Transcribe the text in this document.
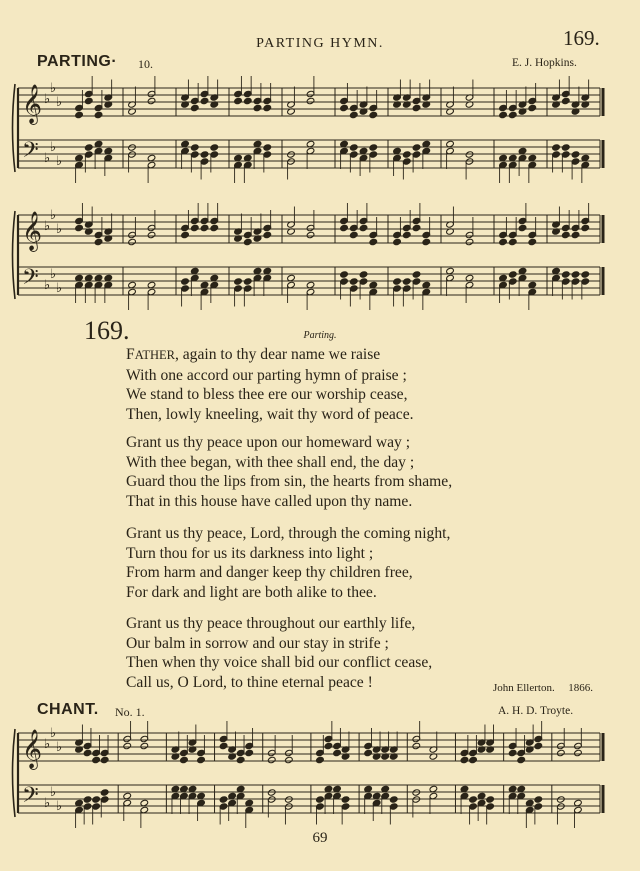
PARTING HYMN.	169.
PARTING· 10.	E. J. Hopkins.
𝄞
𝄢
♭
♭
♭
♭
♭
♭
𝄞
𝄢
♭
♭
♭
♭
♭
♭
169.	Parting.
FATHER, again to thy dear name we raise
With one accord our parting hymn of praise ;
We stand to bless thee ere our worship cease,
Then, lowly kneeling, wait thy word of peace.
Grant us thy peace upon our homeward way ;
With thee began, with thee shall end, the day ;
Guard thou the lips from sin, the hearts from shame,
That in this house have called upon thy name.
Grant us thy peace, Lord, through the coming night,
Turn thou for us its darkness into light ;
From harm and danger keep thy children free,
For dark and light are both alike to thee.
Grant us thy peace throughout our earthly life,
Our balm in sorrow and our stay in strife ;
Then when thy voice shall bid our conflict cease,
Call us, O Lord, to thine eternal peace !	John Ellerton. 1866.
CHANT. No. 1.	A. H. D. Troyte.
𝄞
𝄢
♭
♭
♭
♭
♭
♭
69
